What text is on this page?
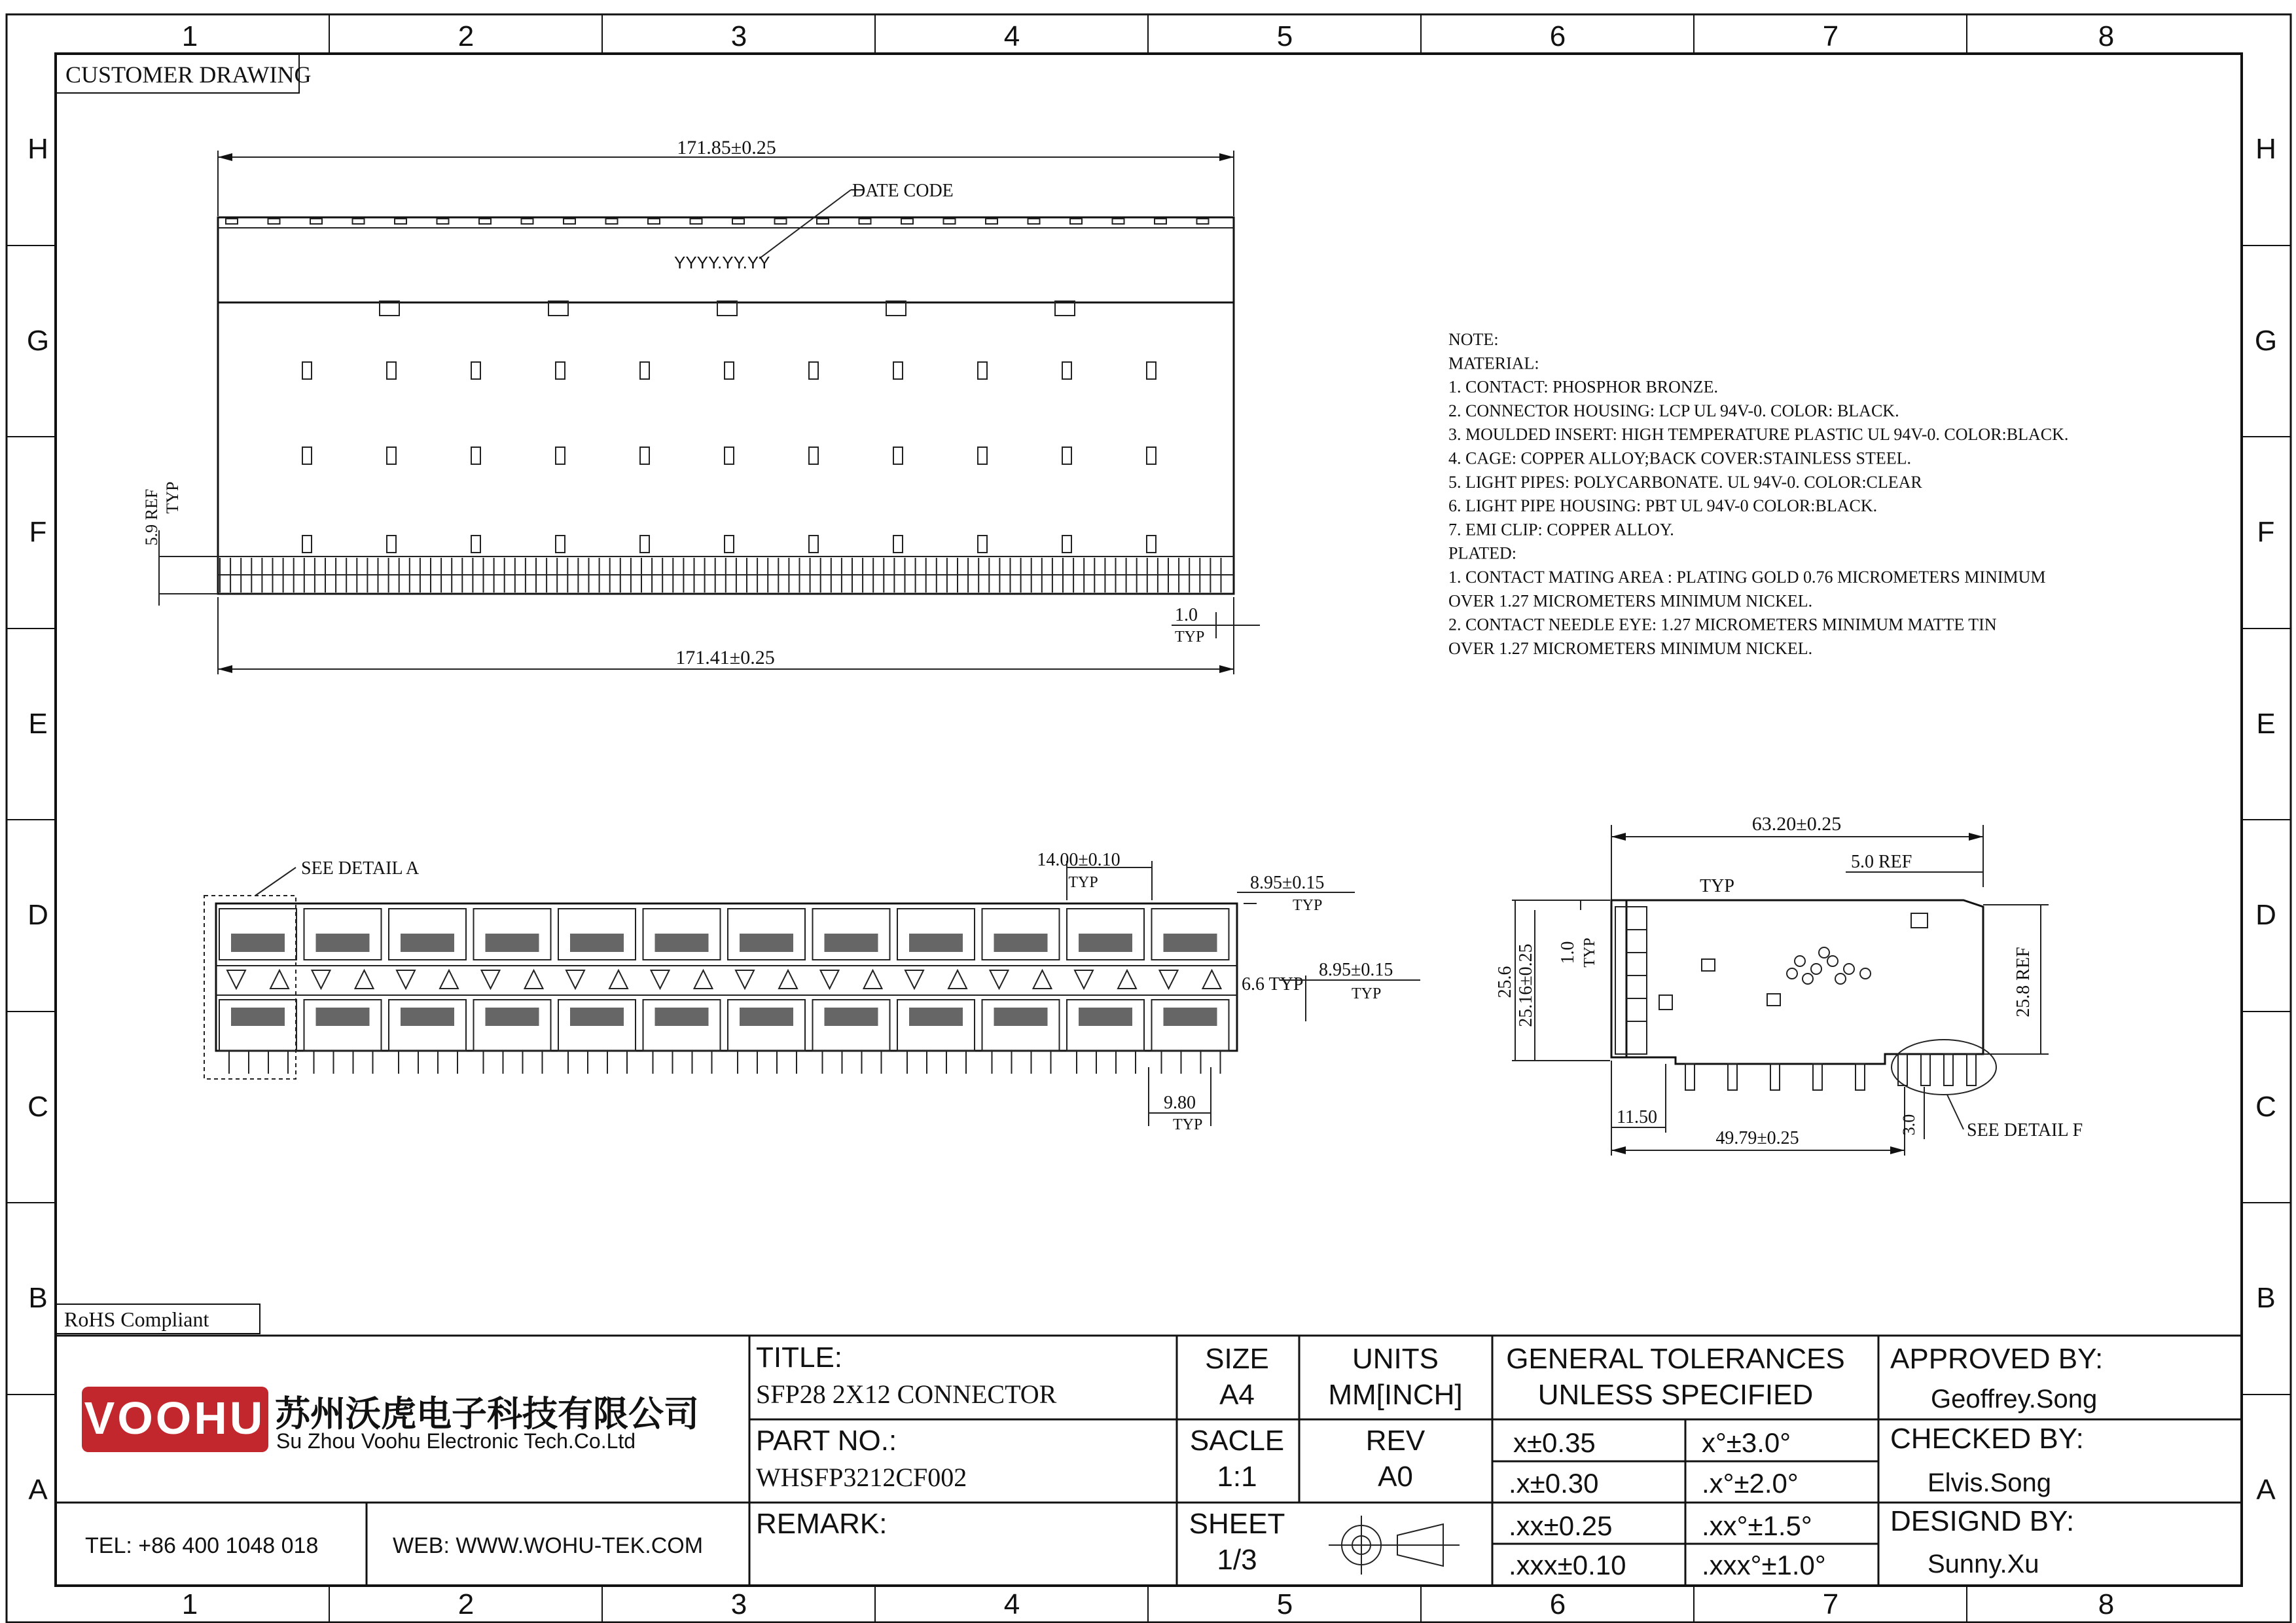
1	2	3	4	5	6	7	8
1	2	3	4	5	6	7	8
H
G
F
E
D
C
B
A
H
G
F
E
D
C
B
A
CUSTOMER DRAWING
171.85±0.25
DATE CODE
YYYY.YY.YY
171.41±0.25
5.9 REF TYP
1.0
TYP
SEE DETAIL A	14.00±0.10
TYP	8.95±0.15
TYP
6.6 TYP
8.95±0.15
TYP
9.80
TYP
63.20±0.25
5.0 REF
TYP
SEE DETAIL F
25.6 25.16±0.25 1.0 TYP	25.8 REF
11.50
49.79±0.25
3.0
NOTE:
MATERIAL:
1. CONTACT: PHOSPHOR BRONZE.
2. CONNECTOR HOUSING: LCP UL 94V-0. COLOR: BLACK.
3. MOULDED INSERT: HIGH TEMPERATURE PLASTIC UL 94V-0. COLOR:BLACK.
4. CAGE: COPPER ALLOY;BACK COVER:STAINLESS STEEL.
5. LIGHT PIPES: POLYCARBONATE. UL 94V-0. COLOR:CLEAR
6. LIGHT PIPE HOUSING: PBT UL 94V-0 COLOR:BLACK.
7. EMI CLIP: COPPER ALLOY.
PLATED:
1. CONTACT MATING AREA : PLATING GOLD 0.76 MICROMETERS MINIMUM
OVER 1.27 MICROMETERS MINIMUM NICKEL.
2. CONTACT NEEDLE EYE: 1.27 MICROMETERS MINIMUM MATTE TIN
OVER 1.27 MICROMETERS MINIMUM NICKEL.
RoHS Compliant
VOOHU 苏州沃虎电子科技有限公司
Su Zhou Voohu Electronic Tech.Co.Ltd
TEL: +86 400 1048 018	WEB: WWW.WOHU-TEK.COM
TITLE:
SFP28 2X12 CONNECTOR
PART NO.:
WHSFP3212CF002
REMARK:
SIZE
A4
UNITS
MM[INCH]
SACLE
1:1
REV
A0
SHEET
1/3
GENERAL TOLERANCES
UNLESS SPECIFIED
x±0.35	x°±3.0°
.x±0.30	.x°±2.0°
.xx±0.25	.xx°±1.5°
.xxx±0.10	.xxx°±1.0°
APPROVED BY:
Geoffrey.Song
CHECKED BY:
Elvis.Song
DESIGND BY:
Sunny.Xu
